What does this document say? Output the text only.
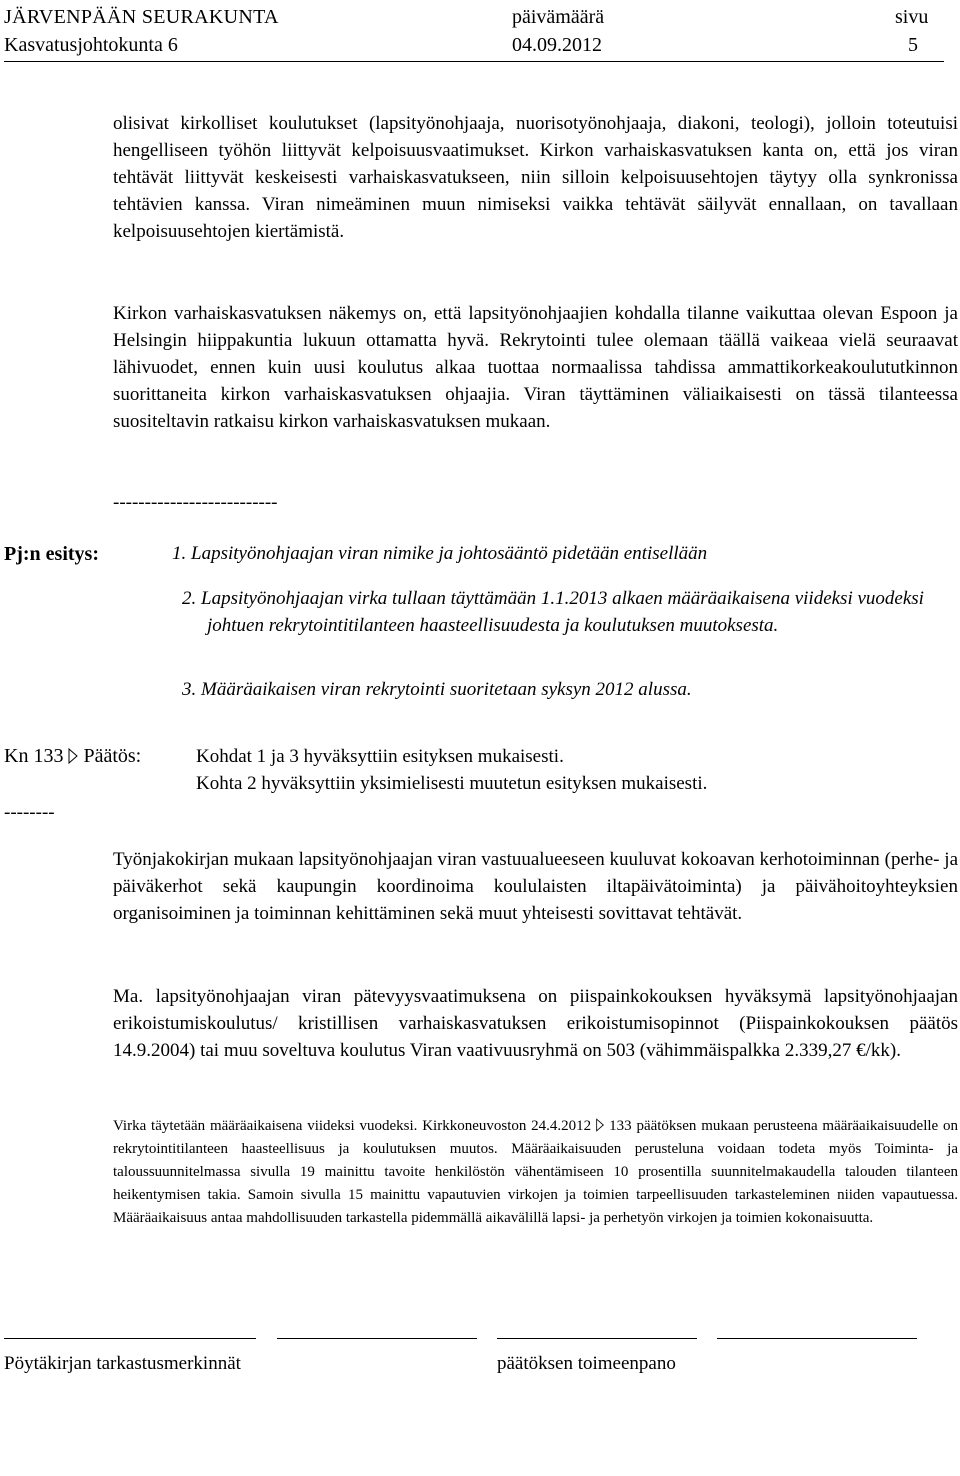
JÄRVENPÄÄN SEURAKUNTA	päivämäärä	sivu
Kasvatusjohtokunta 6	04.09.2012	5
olisivat kirkolliset koulutukset (lapsityönohjaaja, nuorisotyönohjaaja, diakoni, teologi), jolloin toteutuisi hengelliseen työhön liittyvät kelpoisuusvaatimukset. Kirkon varhaiskasvatuksen kanta on, että jos viran tehtävät liittyvät keskeisesti varhaiskasvatukseen, niin silloin kelpoisuusehtojen täytyy olla synkronissa tehtävien kanssa. Viran nimeäminen muun nimiseksi vaikka tehtävät säilyvät ennallaan, on tavallaan kelpoisuusehtojen kiertämistä.
Kirkon varhaiskasvatuksen näkemys on, että lapsityönohjaajien kohdalla tilanne vaikuttaa olevan Espoon ja Helsingin hiippakuntia lukuun ottamatta hyvä. Rekrytointi tulee olemaan täällä vaikeaa vielä seuraavat lähivuodet, ennen kuin uusi koulutus alkaa tuottaa normaalissa tahdissa ammattikorkeakoulututkinnon suorittaneita kirkon varhaiskasvatuksen ohjaajia. Viran täyttäminen väliaikaisesti on tässä tilanteessa suositeltavin ratkaisu kirkon varhaiskasvatuksen mukaan.
--------------------------
Pj:n esitys:	1. Lapsityönohjaajan viran nimike ja johtosääntö pidetään entisellään
2. Lapsityönohjaajan virka tullaan täyttämään 1.1.2013 alkaen määräaikaisena viideksi vuodeksi johtuen rekrytointitilanteen haasteellisuudesta ja koulutuksen muutoksesta.
3. Määräaikaisen viran rekrytointi suoritetaan syksyn 2012 alussa.
Kn 133 Päätös:	Kohdat 1 ja 3 hyväksyttiin esityksen mukaisesti.
Kohta 2 hyväksyttiin yksimielisesti muutetun esityksen mukaisesti.
--------
Työnjakokirjan mukaan lapsityönohjaajan viran vastuualueeseen kuuluvat kokoavan kerhotoiminnan (perhe- ja päiväkerhot sekä kaupungin koordinoima koululaisten iltapäivätoiminta) ja päivähoitoyhteyksien organisoiminen ja toiminnan kehittäminen sekä muut yhteisesti sovittavat tehtävät.
Ma. lapsityönohjaajan viran pätevyysvaatimuksena on piispainkokouksen hyväksymä lapsityönohjaajan erikoistumiskoulutus/ kristillisen varhaiskasvatuksen erikoistumisopinnot (Piispainkokouksen päätös 14.9.2004) tai muu soveltuva koulutus Viran vaativuusryhmä on 503 (vähimmäispalkka 2.339,27 €/kk).
Virka täytetään määräaikaisena viideksi vuodeksi. Kirkkoneuvoston 24.4.2012 133 päätöksen mukaan perusteena määräaikaisuudelle on rekrytointitilanteen haasteellisuus ja koulutuksen muutos. Määräaikaisuuden perusteluna voidaan todeta myös Toiminta- ja taloussuunnitelmassa sivulla 19 mainittu tavoite henkilöstön vähentämiseen 10 prosentilla suunnitelmakaudella talouden tilanteen heikentymisen takia. Samoin sivulla 15 mainittu vapautuvien virkojen ja toimien tarpeellisuuden tarkasteleminen niiden vapautuessa. Määräaikaisuus antaa mahdollisuuden tarkastella pidemmällä aikavälillä lapsi- ja perhetyön virkojen ja toimien kokonaisuutta.
Pöytäkirjan tarkastusmerkinnät	päätöksen toimeenpano
